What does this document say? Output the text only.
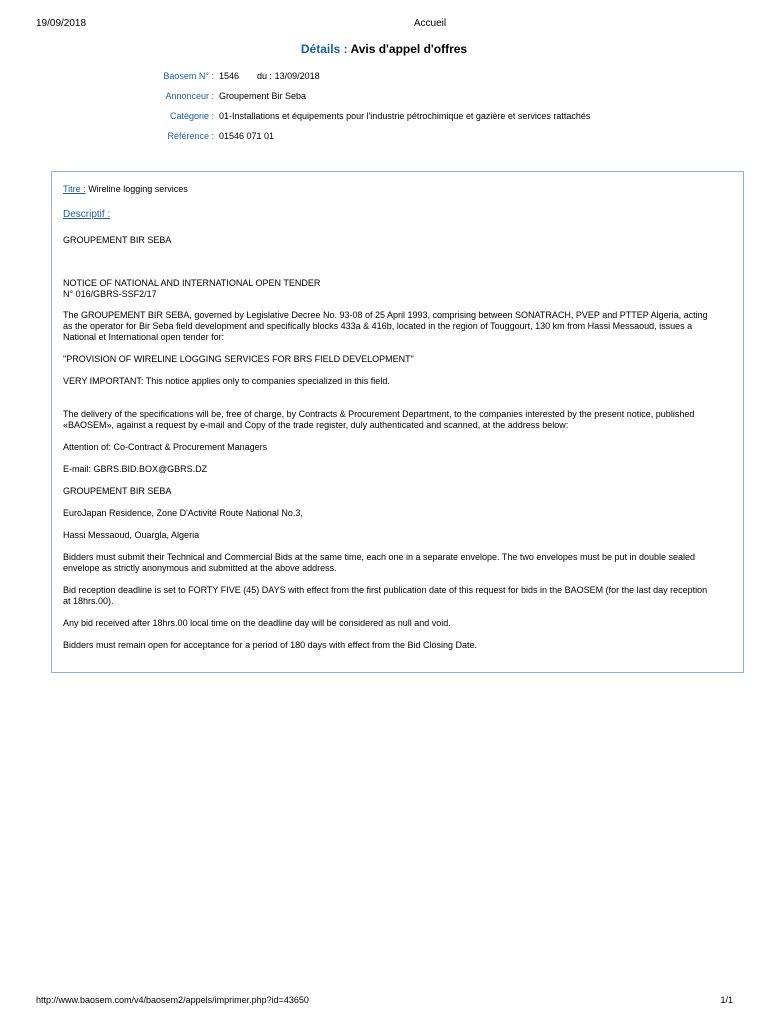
19/09/2018	Accueil
Détails : Avis d'appel d'offres
Baosem N° : 1546 du : 13/09/2018
Annonceur : Groupement Bir Seba
Catégorie : 01-Installations et équipements pour l'industrie pétrochimique et gazière et services rattachés
Référence : 01546 071 01

Titre : Wireline logging services

Descriptif :

GROUPEMENT BIR SEBA

NOTICE OF NATIONAL AND INTERNATIONAL OPEN TENDER

N° 016/GBRS-SSF2/17

The GROUPEMENT BIR SEBA, governed by Legislative Decree No. 93-08 of 25 April 1993, comprising between SONATRACH, PVEP and PTTEP Algeria, acting as the operator for Bir Seba field development and specifically blocks 433a & 416b, located in the region of Touggourt, 130 km from Hassi Messaoud, issues a National et International open tender for:

"PROVISION OF WIRELINE LOGGING SERVICES FOR BRS FIELD DEVELOPMENT"

VERY IMPORTANT: This notice applies only to companies specialized in this field.

The delivery of the specifications will be, free of charge, by Contracts & Procurement Department, to the companies interested by the present notice, published «BAOSEM», against a request by e-mail and Copy of the trade register, duly authenticated and scanned, at the address below:

Attention of: Co-Contract & Procurement Managers

E-mail: GBRS.BID.BOX@GBRS.DZ

GROUPEMENT BIR SEBA

EuroJapan Residence, Zone D'Activité Route National No.3,

Hassi Messaoud, Ouargla, Algeria

Bidders must submit their Technical and Commercial Bids at the same time, each one in a separate envelope. The two envelopes must be put in double sealed envelope as strictly anonymous and submitted at the above address.

Bid reception deadline is set to FORTY FIVE (45) DAYS with effect from the first publication date of this request for bids in the BAOSEM (for the last day reception at 18hrs.00).

Any bid received after 18hrs.00 local time on the deadline day will be considered as null and void.

Bidders must remain open for acceptance for a period of 180 days with effect from the Bid Closing Date.

http://www.baosem.com/v4/baosem2/appels/imprimer.php?id=43650	1/1
